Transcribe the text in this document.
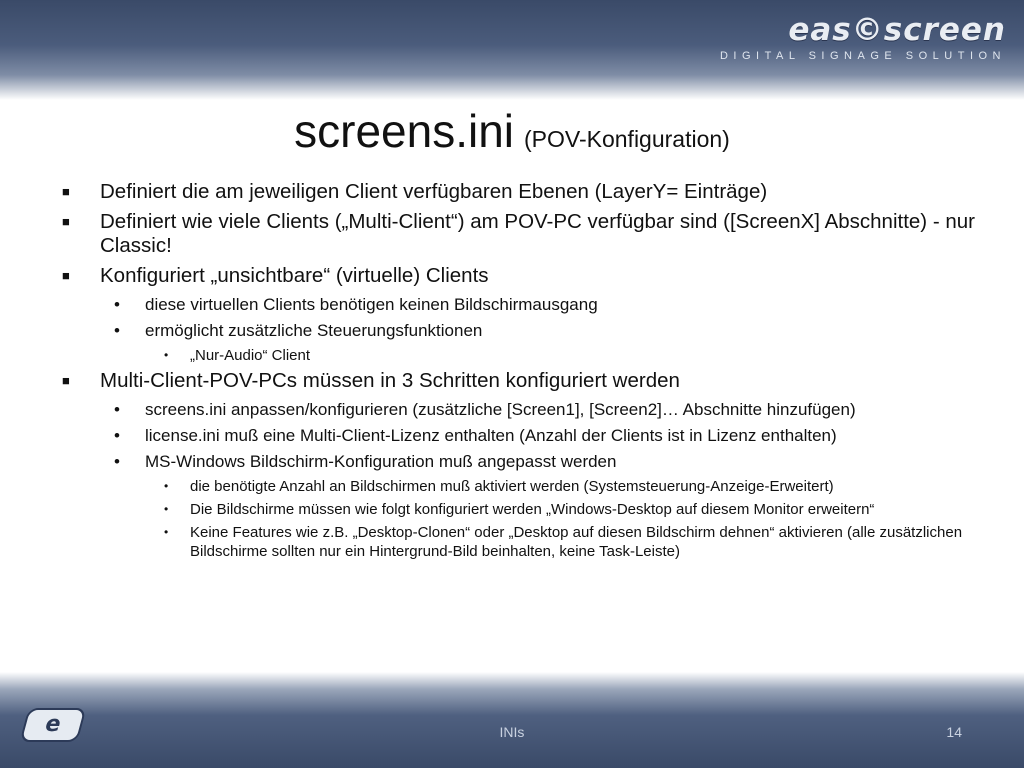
eas©screen
DIGITAL SIGNAGE SOLUTION
screens.ini (POV-Konfiguration)
■ Definiert die am jeweiligen Client verfügbaren Ebenen (LayerY= Einträge)
■ Definiert wie viele Clients („Multi-Client“) am POV-PC verfügbar sind ([ScreenX] Abschnitte) - nur Classic!
■ Konfiguriert „unsichtbare“ (virtuelle) Clients
• diese virtuellen Clients benötigen keinen Bildschirmausgang
• ermöglicht zusätzliche Steuerungsfunktionen
• „Nur-Audio“ Client
■ Multi-Client-POV-PCs müssen in 3 Schritten konfiguriert werden
• screens.ini anpassen/konfigurieren (zusätzliche [Screen1], [Screen2]… Abschnitte hinzufügen)
• license.ini muß eine Multi-Client-Lizenz enthalten (Anzahl der Clients ist in Lizenz enthalten)
• MS-Windows Bildschirm-Konfiguration muß angepasst werden
• die benötigte Anzahl an Bildschirmen muß aktiviert werden (Systemsteuerung-Anzeige-Erweitert)
• Die Bildschirme müssen wie folgt konfiguriert werden „Windows-Desktop auf diesem Monitor erweitern“
• Keine Features wie z.B. „Desktop-Clonen“ oder „Desktop auf diesen Bildschirm dehnen“ aktivieren (alle zusätzlichen Bildschirme sollten nur ein Hintergrund-Bild beinhalten, keine Task-Leiste)
e	INIs	14
